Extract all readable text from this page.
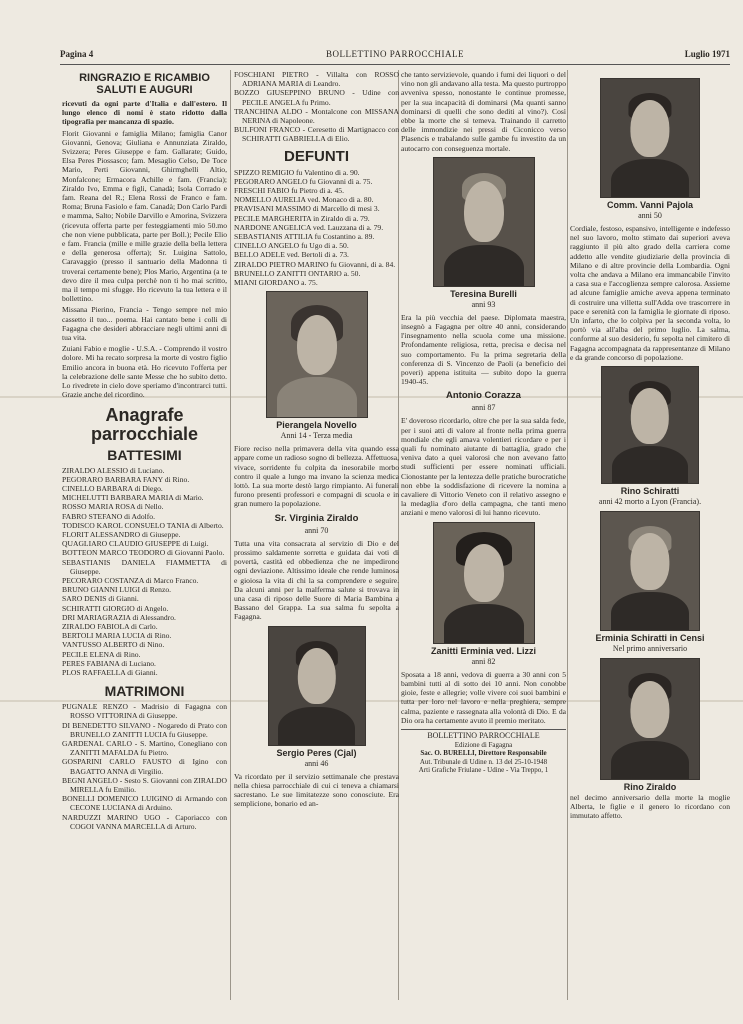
BOLLETTINO PARROCCHIALE
Pagina 4	Luglio 1971
RINGRAZIO E RICAMBIO SALUTI E AUGURI

ricevuti da ogni parte d'Italia e dall'estero. Il lungo elenco di nomi è stato ridotto dalla tipografia per mancanza di spazio.

Florit Giovanni e famiglia Milano; famiglia Canor Giovanni, Genova; Giuliana e Annunziata Ziraldo, Svizzera; Peres Giuseppe e fam. Gallarate; Guido, Elsa Peres Piossasco; fam. Mesaglio Celso, De Toce Mario, Perti Giovanni, Ghirmghelli Altio, Monfalcone; Ermacora Achille e fam. (Francia); Ziraldo Ivo, Emma e figli, Canadà; Isola Corrado e fam. Reana del R.; Elena Rossi de Franco e fam. Roma; Bruna Fasiolo e fam. Canadà; Don Carlo Pardi e mamma, Salto; Nobile Darvillo e Amorina, Svizzera (ricevuta offerta parte per festeggiamenti mio 50.mo che non viene pubblicata, parte per Boll.); Pecile Elio e fam. Francia (mille e mille grazie della bella lettera e della generosa offerta); Sr. Luigina Sattolo, Caravaggio (presso il santuario della Madonna ti troverai certamente bene); Plos Mario, Argentina (a te devo dire il mea culpa perchè non ti ho mai scritto, ma il tempo mi sfugge. Ho ricevuto la tua lettera e il bollettino.

Missana Pierino, Francia - Tengo sempre nel mio cassetto il tuo... poema. Hai cantato bene i colli di Fagagna che desideri abbracciare negli ultimi anni di tua vita.

Zuiani Fabio e moglie - U.S.A. - Comprendo il vostro dolore. Mi ha recato sorpresa la morte di vostro figlio Emilio ancora in buona età. Ho ricevuto l'offerta per la celebrazione delle sante Messe che ho subito detto. Lo rivedrete in cielo dove speriamo d'incontrarci tutti. Grazie anche del ricordino.

Anagrafe parrocchiale
BATTESIMI

ZIRALDO ALESSIO di Luciano.

PEGORARO BARBARA FANY di Rino.

CINELLO BARBARA di Diego.

MICHELUTTI BARBARA MARIA di Mario.

ROSSO MARIA ROSA di Nello.

FABRO STEFANO di Adolfo.

TODISCO KAROL CONSUELO TANIA di Alberto.

FLORIT ALESSANDRO di Giuseppe.

QUAGLIARO CLAUDIO GIUSEPPE di Luigi.

BOTTEON MARCO TEODORO di Giovanni Paolo.

SEBASTIANIS DANIELA FIAMMETTA di Giuseppe.

PECORARO COSTANZA di Marco Franco.

BRUNO GIANNI LUIGI di Renzo.

SARO DENIS di Gianni.

SCHIRATTI GIORGIO di Angelo.

DRI MARIAGRAZIA di Alessandro.

ZIRALDO FABIOLA di Carlo.

BERTOLI MARIA LUCIA di Rino.

VANTUSSO ALBERTO di Nino.

PECILE ELENA di Rino.

PERES FABIANA di Luciano.

PLOS RAFFAELLA di Gianni.

MATRIMONI

PUGNALE RENZO - Madrisio di Fagagna con ROSSO VITTORINA di Giuseppe.

DI BENEDETTO SILVANO - Nogaredo di Prato con BRUNELLO ZANITTI LUCIA fu Giuseppe.

GARDENAL CARLO - S. Martino, Conegliano con ZANITTI MAFALDA fu Pietro.

GOSPARINI CARLO FAUSTO di Igino con BAGATTO ANNA di Virgilio.

BEGNI ANGELO - Sesto S. Giovanni con ZIRALDO MIRELLA fu Emilio.

BONELLI DOMENICO LUIGINO di Armando con CECONE LUCIANA di Arduino.

NARDUZZI MARINO UGO - Caporiacco con COGOI VANNA MARCELLA di Arturo.

FOSCHIANI PIETRO - Villalta con ROSSO ADRIANA MARIA di Leandro.

BOZZO GIUSEPPINO BRUNO - Udine con PECILE ANGELA fu Primo.

TRANCHINA ALDO - Montalcone con MISSANA NERINA di Napoleone.

BULFONI FRANCO - Ceresetto di Martignacco con SCHIRATTI GABRIELLA di Elio.

DEFUNTI

SPIZZO REMIGIO fu Valentino di a. 90.

PEGORARO ANGELO fu Giovanni di a. 75.

FRESCHI FABIO fu Pietro di a. 45.

NOMELLO AURELIA ved. Monaco di a. 80.

PRAVISANI MASSIMO di Marcello di mesi 3.

PECILE MARGHERITA in Ziraldo di a. 79.

NARDONE ANGELICA ved. Lauzzana di a. 79.

SEBASTIANIS ATTILIA fu Costantino a. 89.

CINELLO ANGELO fu Ugo di a. 50.

BELLO ADELE ved. Bertoli di a. 73.

ZIRALDO PIETRO MARINO fu Giovanni, di a. 84.

BRUNELLO ZANITTI ONTARIO a. 50.

MIANI GIORDANO a. 75.

Pierangela Novello
Anni 14 - Terza media

Fiore reciso nella primavera della vita quando essa appare come un radioso sogno di bellezza. Affettuosa, vivace, sorridente fu colpita da inesorabile morbo contro il quale a lungo ma invano la scienza medica lottò. La sua morte destò largo rimpianto. Ai funerali furono presenti professori e compagni di scuola e in gran numero la popolazione.

Sr. Virginia Ziraldo
anni 70

Tutta una vita consacrata al servizio di Dio e del prossimo saldamente sorretta e guidata dai voti di povertà, castità ed obbedienza che ne impedirono ogni deviazione. Altissimo ideale che rende luminosa e gioiosa la vita di chi la sa comprendere e seguire. Da alcuni anni per la malferma salute si trovava in una casa di riposo delle Suore di Maria Bambina a Bassano del Grappa. La sua salma fu sepolta a Fagagna.

Sergio Peres (Cjal)
anni 46

Va ricordato per il servizio settimanale che prestava nella chiesa parrocchiale di cui ci teneva a chiamarsi sacrestano. Le sue limitatezze sono conosciute. Era semplicione, bonario ed an-

che tanto servizievole, quando i fumi dei liquori o del vino non gli andavano alla testa. Ma questo purtroppo avveniva spesso, nonostante le continue promesse, per la sua incapacità di dominarsi (Ma quanti sanno dominarsi di quelli che sono dediti al vino?). Così ebbe la morte che si temeva. Trainando il carretto delle immondizie nei pressi di Ciconicco verso Plasencis e trabalando sulle gambe fu investito da un autocarro con conseguenza mortale.

Teresina Burelli
anni 93

Era la più vecchia del paese. Diplomata maestra, insegnò a Fagagna per oltre 40 anni, considerando l'insegnamento nella scuola come una missione. Profondamente religiosa, retta, precisa e decisa nel suo comportamento. Fu la prima segretaria della conferenza di S. Vincenzo de Paoli (a beneficio dei poveri) appena istituita — subito dopo la guerra 1940-45.

Antonio Corazza
anni 87

E' doveroso ricordarlo, oltre che per la sua salda fede, per i suoi atti di valore al fronte nella prima guerra mondiale che egli amava volentieri ricordare e per i quali fu nominato aiutante di battaglia, grado che veniva dato a quei valorosi che non avevano fatto studi sufficienti per essere nominati ufficiali. Cionostante per la lentezza delle pratiche burocratiche non ebbe la soddisfazione di ricevere la nomina a cavaliere di Vittorio Veneto con il relativo assegno e la medaglia d'oro della campagna, che tanti meno anziani e meno valorosi di lui hanno ricevuto.

Zanitti Erminia ved. Lizzi
anni 82

Sposata a 18 anni, vedova di guerra a 30 anni con 5 bambini tutti al di sotto dei 10 anni. Non conobbe gioie, feste e allegrie; volle vivere coi suoi bambini e tutta per loro nel lavoro e nella preghiera, sempre calma, paziente e rassegnata alla volontà di Dio. E da Dio ora ha certamente avuto il premio meritato.

BOLLETTINO PARROCCHIALE
Edizione di Fagagna
Sac. O. BURELLI, Direttore Responsabile
Aut. Tribunale di Udine n. 13 del 25-10-1948
Arti Grafiche Friulane - Udine - Via Treppo, 1
Comm. Vanni Pajola
anni 50

Cordiale, festoso, espansivo, intelligente e indefesso nel suo lavoro, molto stimato dai superiori aveva raggiunto il più alto grado della carriera come addetto alle vendite giudiziarie della provincia di Milano e di altre provincie della Lombardia. Ogni volta che andava a Milano era immancabile l'invito a casa sua e l'accoglienza sempre calorosa. Assieme ad alcune famiglie amiche aveva appena terminato di costruire una villetta sull'Adda ove trascorrere in pace e serenità con la famiglia le giornate di riposo. Un infarto, che lo colpiva per la seconda volta, lo portò via all'alba del primo luglio. La salma, conforme al suo desiderio, fu sepolta nel cimitero di Fagagna accompagnata da rappresentanze di Milano e da grande concorso di popolazione.

Rino Schiratti
anni 42 morto a Lyon (Francia).
Erminia Schiratti in Censi
Nel primo anniversario
Rino Ziraldo

nel decimo anniversario della morte la moglie Alberta, le figlie e il genero lo ricordano con immutato affetto.
